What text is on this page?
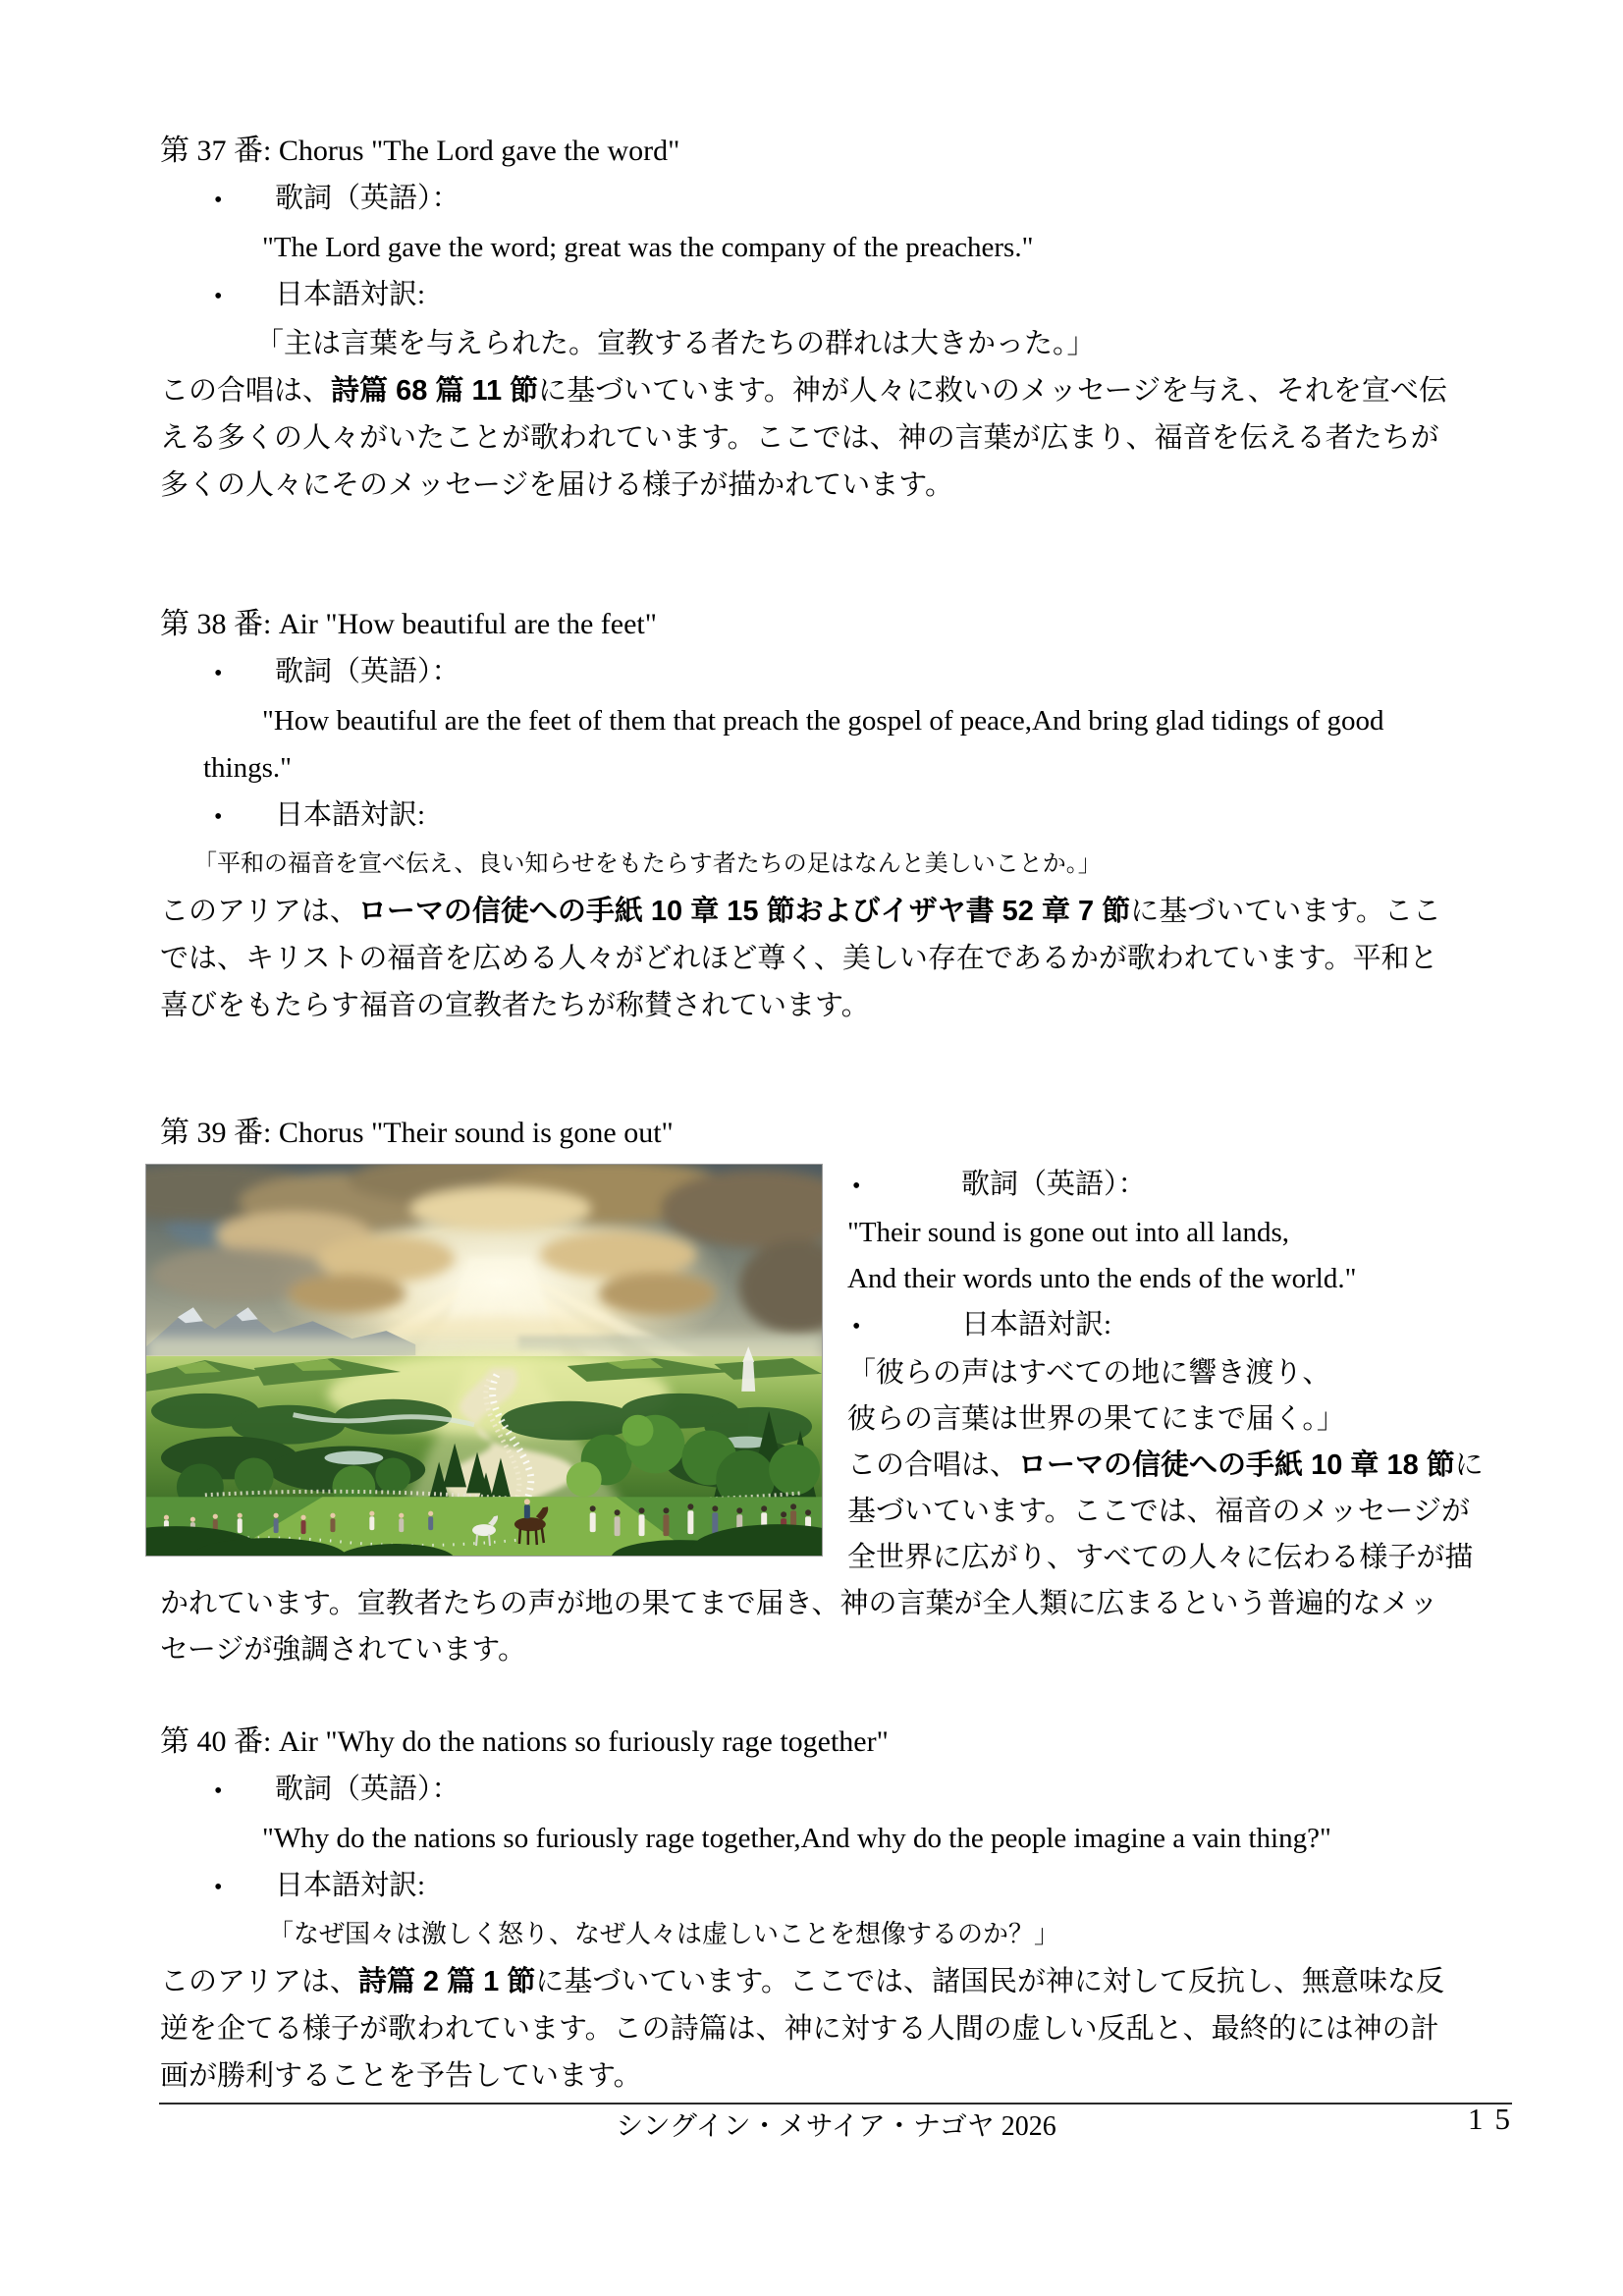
第 37 番: Chorus "The Lord gave the word"
• 歌詞（英語）：
"The Lord gave the word; great was the company of the preachers."
• 日本語対訳:
「主は言葉を与えられた。宣教する者たちの群れは大きかった。」
この合唱は、詩篇 68 篇 11 節に基づいています。神が人々に救いのメッセージを与え、それを宣べ伝
える多くの人々がいたことが歌われています。ここでは、神の言葉が広まり、福音を伝える者たちが
多くの人々にそのメッセージを届ける様子が描かれています。
第 38 番: Air "How beautiful are the feet"
• 歌詞（英語）：
"How beautiful are the feet of them that preach the gospel of peace,And bring glad tidings of good
things."
• 日本語対訳:
「平和の福音を宣べ伝え、良い知らせをもたらす者たちの足はなんと美しいことか。」
このアリアは、ローマの信徒への手紙 10 章 15 節およびイザヤ書 52 章 7 節に基づいています。ここ
では、キリストの福音を広める人々がどれほど尊く、美しい存在であるかが歌われています。平和と
喜びをもたらす福音の宣教者たちが称賛されています。
第 39 番: Chorus "Their sound is gone out"
•	歌詞（英語）：
"Their sound is gone out into all lands,
And their words unto the ends of the world."
•	日本語対訳:
「彼らの声はすべての地に響き渡り、
彼らの言葉は世界の果てにまで届く。」
この合唱は、ローマの信徒への手紙 10 章 18 節に
基づいています。ここでは、福音のメッセージが
全世界に広がり、すべての人々に伝わる様子が描
かれています。宣教者たちの声が地の果てまで届き、神の言葉が全人類に広まるという普遍的なメッ
セージが強調されています。
第 40 番: Air "Why do the nations so furiously rage together"
• 歌詞（英語）：
"Why do the nations so furiously rage together,And why do the people imagine a vain thing?"
• 日本語対訳:
「なぜ国々は激しく怒り、なぜ人々は虚しいことを想像するのか？」
このアリアは、詩篇 2 篇 1 節に基づいています。ここでは、諸国民が神に対して反抗し、無意味な反
逆を企てる様子が歌われています。この詩篇は、神に対する人間の虚しい反乱と、最終的には神の計
画が勝利することを予告しています。
シングイン・メサイア・ナゴヤ 2026	15
